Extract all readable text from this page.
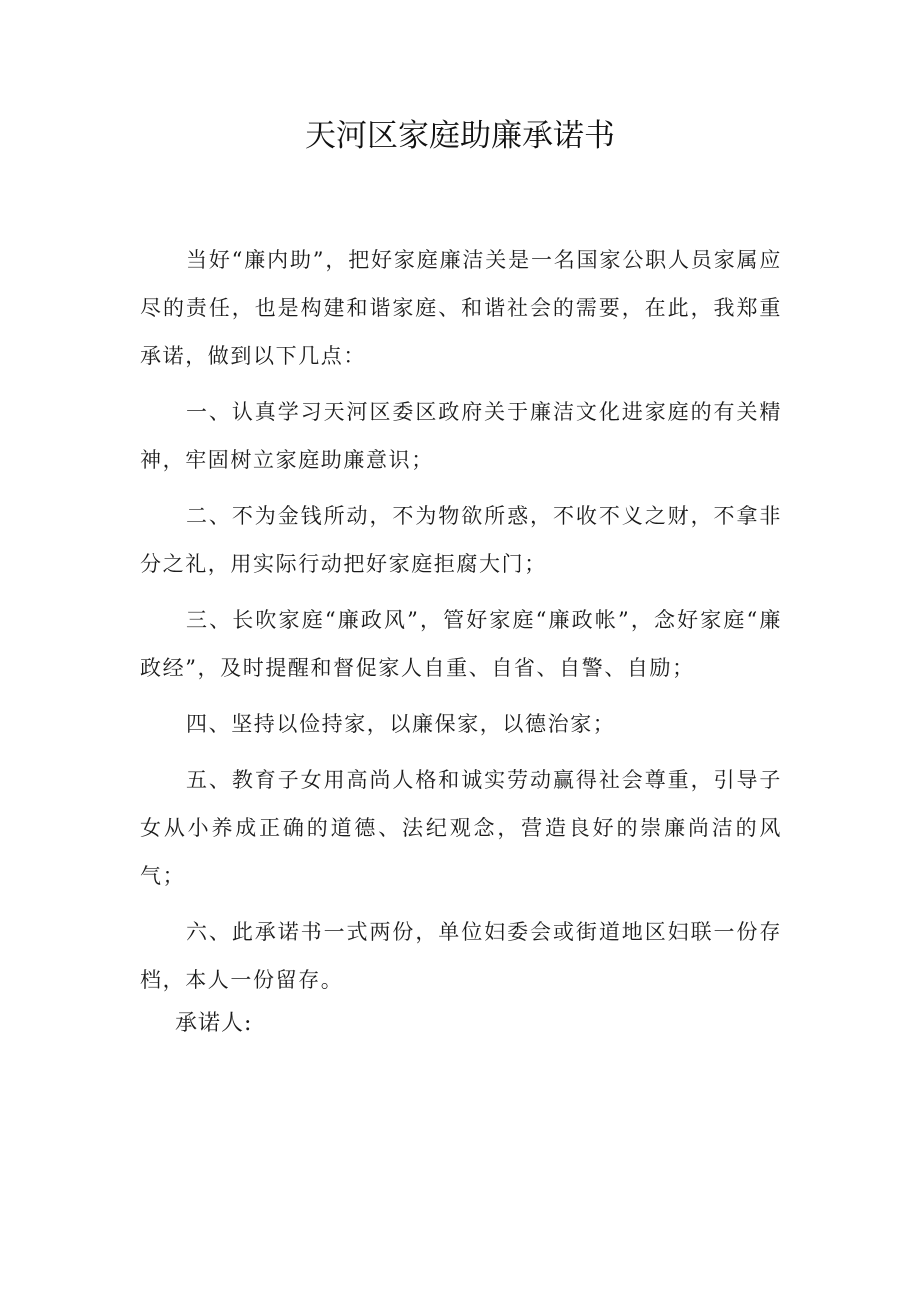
天河区家庭助廉承诺书

当好“廉内助”，把好家庭廉洁关是一名国家公职人员家属应尽的责任，也是构建和谐家庭、和谐社会的需要，在此，我郑重承诺，做到以下几点：

一、认真学习天河区委区政府关于廉洁文化进家庭的有关精神，牢固树立家庭助廉意识；

二、不为金钱所动，不为物欲所惑，不收不义之财，不拿非分之礼，用实际行动把好家庭拒腐大门；

三、长吹家庭“廉政风”，管好家庭“廉政帐”，念好家庭“廉政经”，及时提醒和督促家人自重、自省、自警、自励；

四、坚持以俭持家，以廉保家，以德治家；

五、教育子女用高尚人格和诚实劳动赢得社会尊重，引导子女从小养成正确的道德、法纪观念，营造良好的崇廉尚洁的风气；

六、此承诺书一式两份，单位妇委会或街道地区妇联一份存档，本人一份留存。

承诺人:
